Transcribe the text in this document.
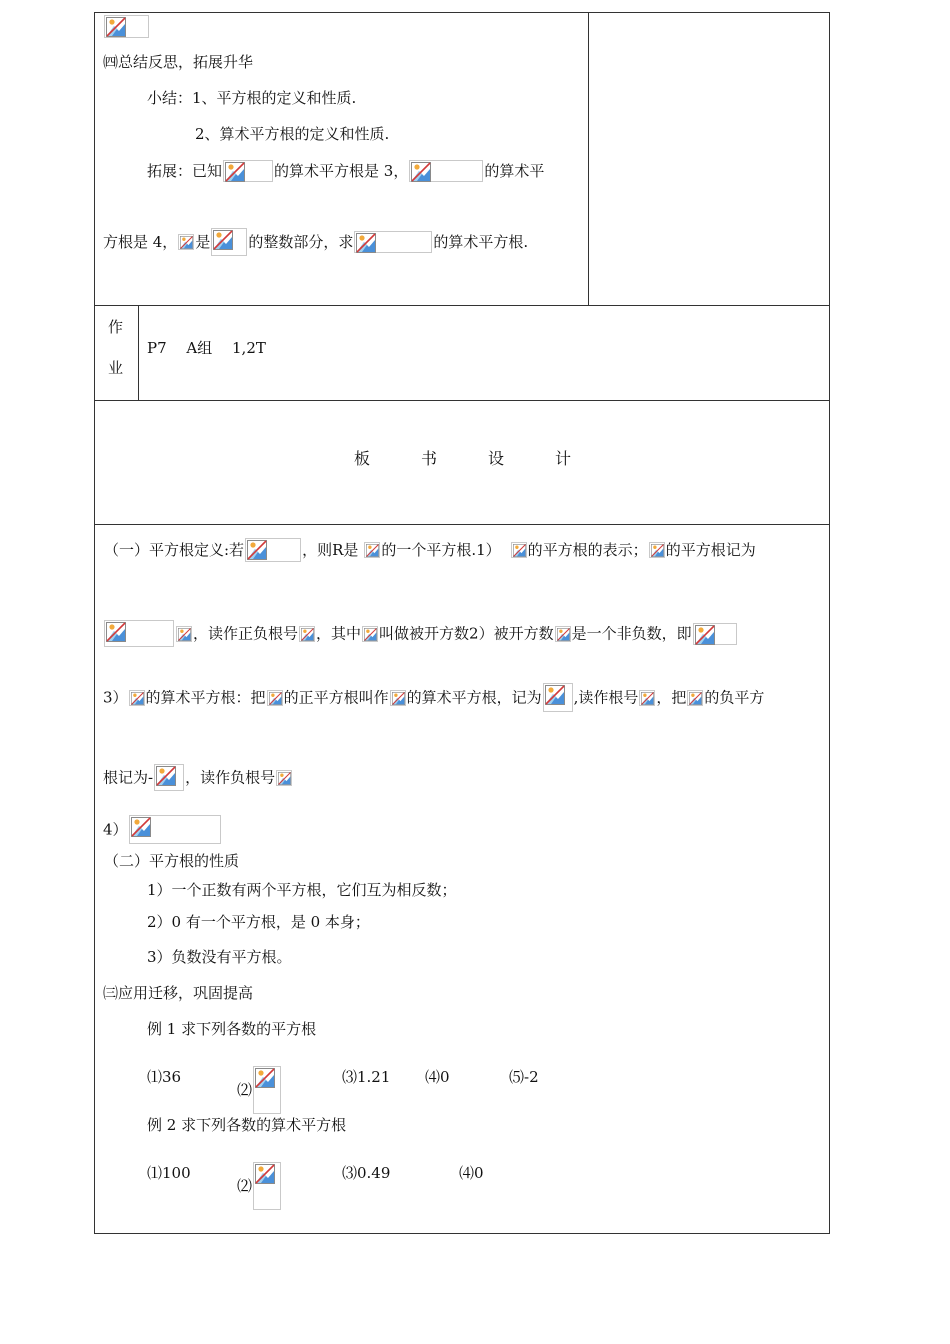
㈣总结反思，拓展升华
小结：1、平方根的定义和性质.
2、算术平方根的定义和性质.
拓展：已知	的算术平方根是 3，	的算术平
方根是 4， 是	的整数部分，求	的算术平方根.
作
业
P7　 A组　 1,2T
板	书	设	计
（一）平方根定义:若	，则R是 的一个平方根.1） 的平方根的表示； 的平方根记为
，读作正负根号 ，其中 叫做被开方数2）被开方数 是一个非负数，即
3） 的算术平方根：把 的正平方根叫作 的算术平方根，记为 ,读作根号 ，把 的负平方
根记为- ，读作负根号
4）
（二）平方根的性质
1）一个正数有两个平方根，它们互为相反数；
2）0 有一个平方根，是 0 本身；
3）负数没有平方根。
㈢应用迁移，巩固提高
例 1 求下列各数的平方根
⑴36
⑵
⑶1.21 ⑷0	⑸-2
例 2 求下列各数的算术平方根
⑴100
⑵
⑶0.49	⑷0
